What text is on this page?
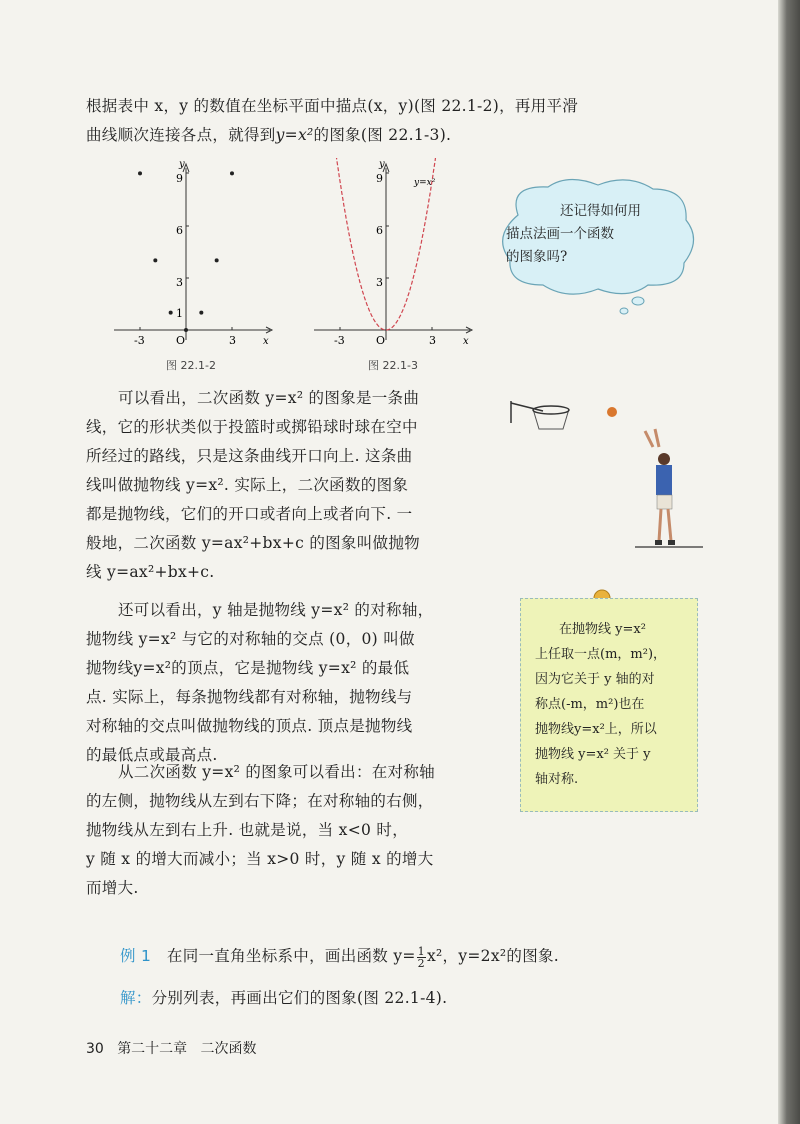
根据表中 x，y 的数值在坐标平面中描点(x，y)(图 22.1-2)，再用平滑

曲线顺次连接各点，就得到y=x²的图象(图 22.1-3).

y
x
O
-3	3
9
6
3
1
图 22.1-2
y=x²
y
x
O
-3	3
9
6
3
图 22.1-3
还记得如何用
描点法画一个函数
的图象吗?

可以看出，二次函数 y=x² 的图象是一条曲

线，它的形状类似于投篮时或掷铅球时球在空中

所经过的路线，只是这条曲线开口向上. 这条曲

线叫做抛物线 y=x². 实际上，二次函数的图象

都是抛物线，它们的开口或者向上或者向下. 一

般地，二次函数 y=ax²+bx+c 的图象叫做抛物

线 y=ax²+bx+c.

还可以看出，y 轴是抛物线 y=x² 的对称轴，

抛物线 y=x² 与它的对称轴的交点 (0，0) 叫做

抛物线y=x²的顶点，它是抛物线 y=x² 的最低

点. 实际上，每条抛物线都有对称轴，抛物线与

对称轴的交点叫做抛物线的顶点. 顶点是抛物线

的最低点或最高点.

从二次函数 y=x² 的图象可以看出：在对称轴

的左侧，抛物线从左到右下降；在对称轴的右侧，

抛物线从左到右上升. 也就是说，当 x<0 时，

y 随 x 的增大而减小；当 x>0 时，y 随 x 的增大

而增大.

在抛物线 y=x²
上任取一点(m，m²)，
因为它关于 y 轴的对
称点(-m，m²)也在
抛物线y=x²上，所以
抛物线 y=x² 关于 y
轴对称.

例 1 在同一直角坐标系中，画出函数 $y= \frac{1}{2} x^2$，y=2x²的图象.

解：分别列表，再画出它们的图象(图 22.1-4).

30 第二十二章 二次函数
